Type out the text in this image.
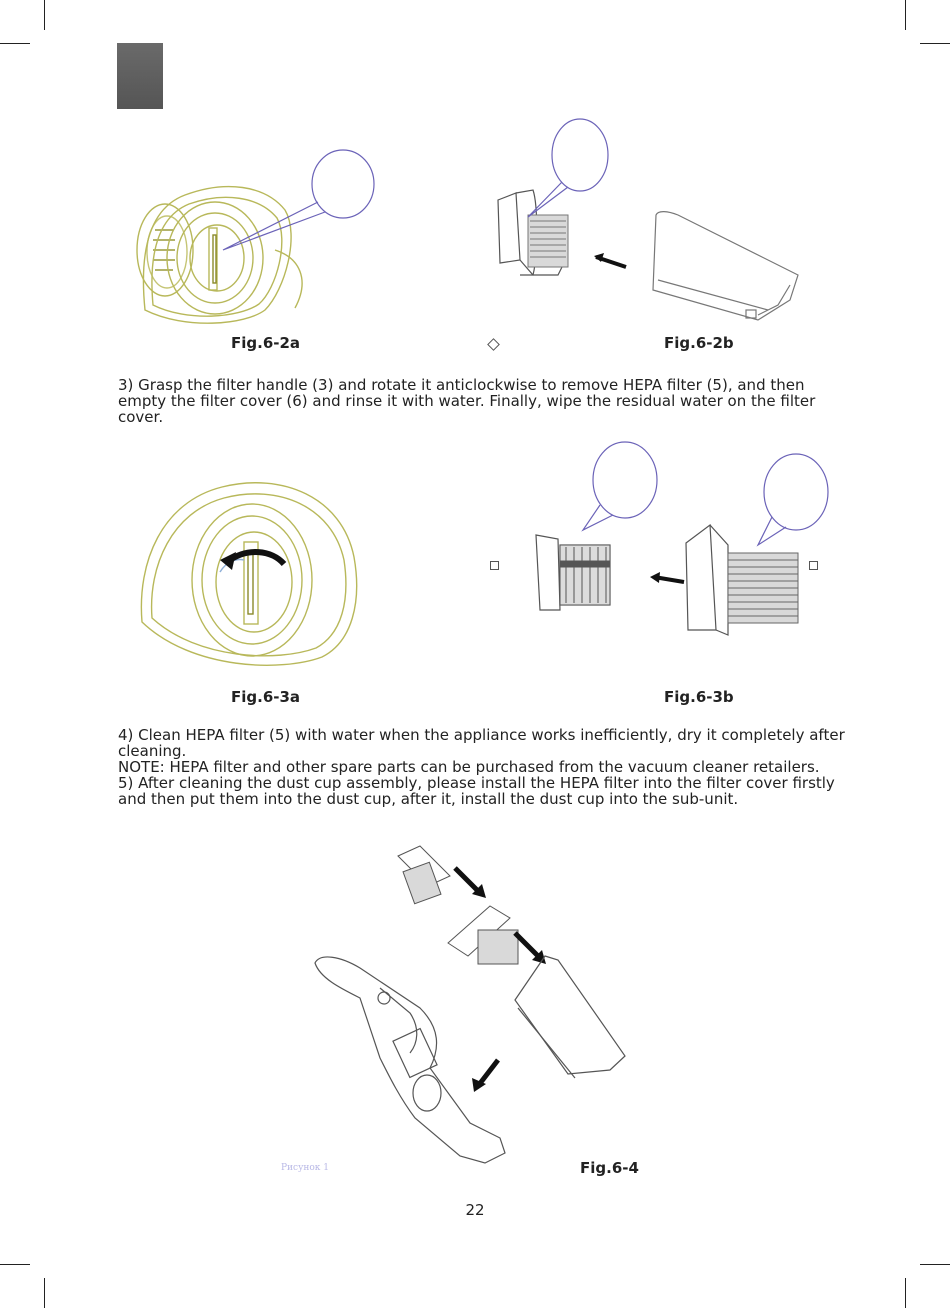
Fig.6-2a	Fig.6-2b

3) Grasp the filter handle (3) and rotate it anticlockwise to remove HEPA filter (5), and then empty the filter cover (6) and rinse it with water. Finally, wipe the residual water on the filter cover.

Fig.6-3a	Fig.6-3b

4) Clean HEPA filter (5) with water when the appliance works inefficiently, dry it completely after cleaning.

NOTE: HEPA filter and other spare parts can be purchased from the vacuum cleaner retailers.

5) After cleaning the dust cup assembly, please install the HEPA filter into the filter cover firstly and then put them into the dust cup, after it, install the dust cup into the sub-unit.

Рисунок 1	Fig.6-4
22
